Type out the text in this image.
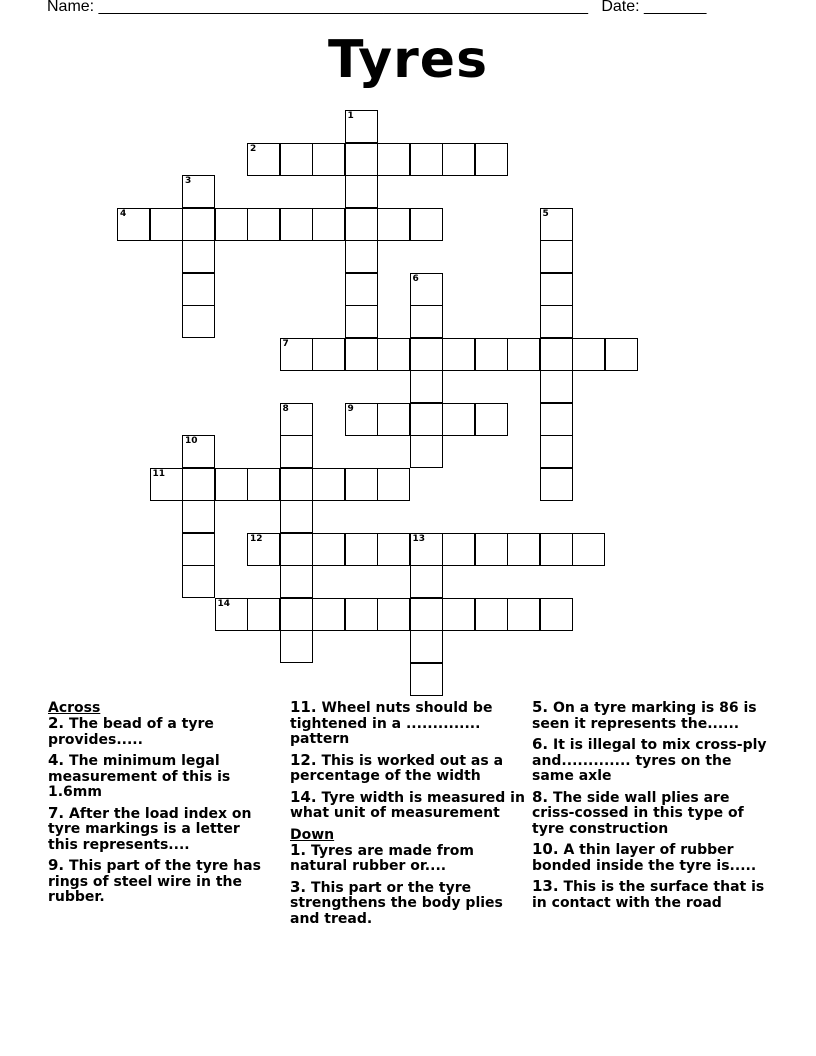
Name: _______________________________________________________ Date: _______
Tyres
1
2
3
4	5
6
7
8	9
10
11
12	13
14
Across
2. The bead of a tyre provides.....
4. The minimum legal measurement of this is 1.6mm
7. After the load index on tyre markings is a letter this represents....
9. This part of the tyre has rings of steel wire in the rubber.
11. Wheel nuts should be tightened in a .............. pattern
12. This is worked out as a percentage of the width
14. Tyre width is measured in what unit of measurement
Down
1. Tyres are made from natural rubber or....
3. This part or the tyre strengthens the body plies and tread.
5. On a tyre marking is 86 is seen it represents the......
6. It is illegal to mix cross-ply and............. tyres on the same axle
8. The side wall plies are criss-cossed in this type of tyre construction
10. A thin layer of rubber bonded inside the tyre is.....
13. This is the surface that is in contact with the road
